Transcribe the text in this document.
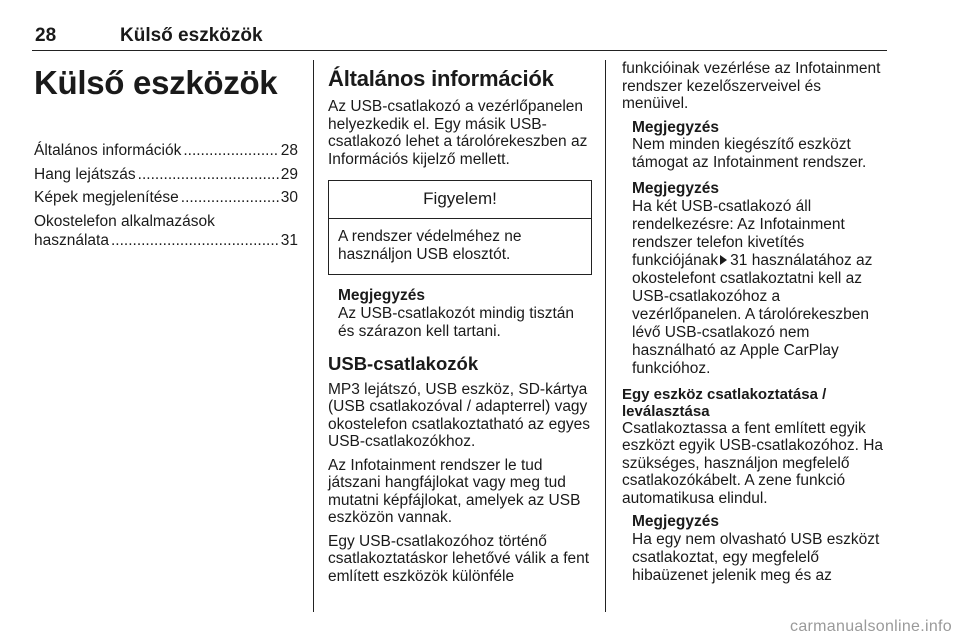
28	Külső eszközök
Külső eszközök
Általános információk .....	28
Hang lejátszás .....	29
Képek megjelenítése .....	30
Okostelefon alkalmazások
használata .....	31
Általános információk

Az USB-csatlakozó a vezérlőpanelen helyezkedik el. Egy másik USB-csatlakozó lehet a tárolórekeszben az Információs kijelző mellett.

Figyelem!
A rendszer védelméhez ne használjon USB elosztót.
Megjegyzés
Az USB-csatlakozót mindig tisztán és szárazon kell tartani.
USB-csatlakozók

MP3 lejátszó, USB eszköz, SD-kártya (USB csatlakozóval / adapterrel) vagy okostelefon csatlakoztatható az egyes USB-csatlakozókhoz.

Az Infotainment rendszer le tud játszani hangfájlokat vagy meg tud mutatni képfájlokat, amelyek az USB eszközön vannak.

Egy USB-csatlakozóhoz történő csatlakoztatáskor lehetővé válik a fent említett eszközök különféle

funkcióinak vezérlése az Infotainment rendszer kezelőszerveivel és menüivel.

Megjegyzés
Nem minden kiegészítő eszközt támogat az Infotainment rendszer.
Megjegyzés
Ha két USB-csatlakozó áll rendelkezésre: Az Infotainment rendszer telefon kivetítés funkciójának 31 használatához az okostelefont csatlakoztatni kell az USB-csatlakozóhoz a vezérlőpanelen. A tárolórekeszben lévő USB-csatlakozó nem használható az Apple CarPlay funkcióhoz.
Egy eszköz csatlakoztatása / leválasztása

Csatlakoztassa a fent említett egyik eszközt egyik USB-csatlakozóhoz. Ha szükséges, használjon megfelelő csatlakozókábelt. A zene funkció automatikusa elindul.

Megjegyzés
Ha egy nem olvasható USB eszközt csatlakoztat, egy megfelelő hibaüzenet jelenik meg és az
carmanualsonline.info
